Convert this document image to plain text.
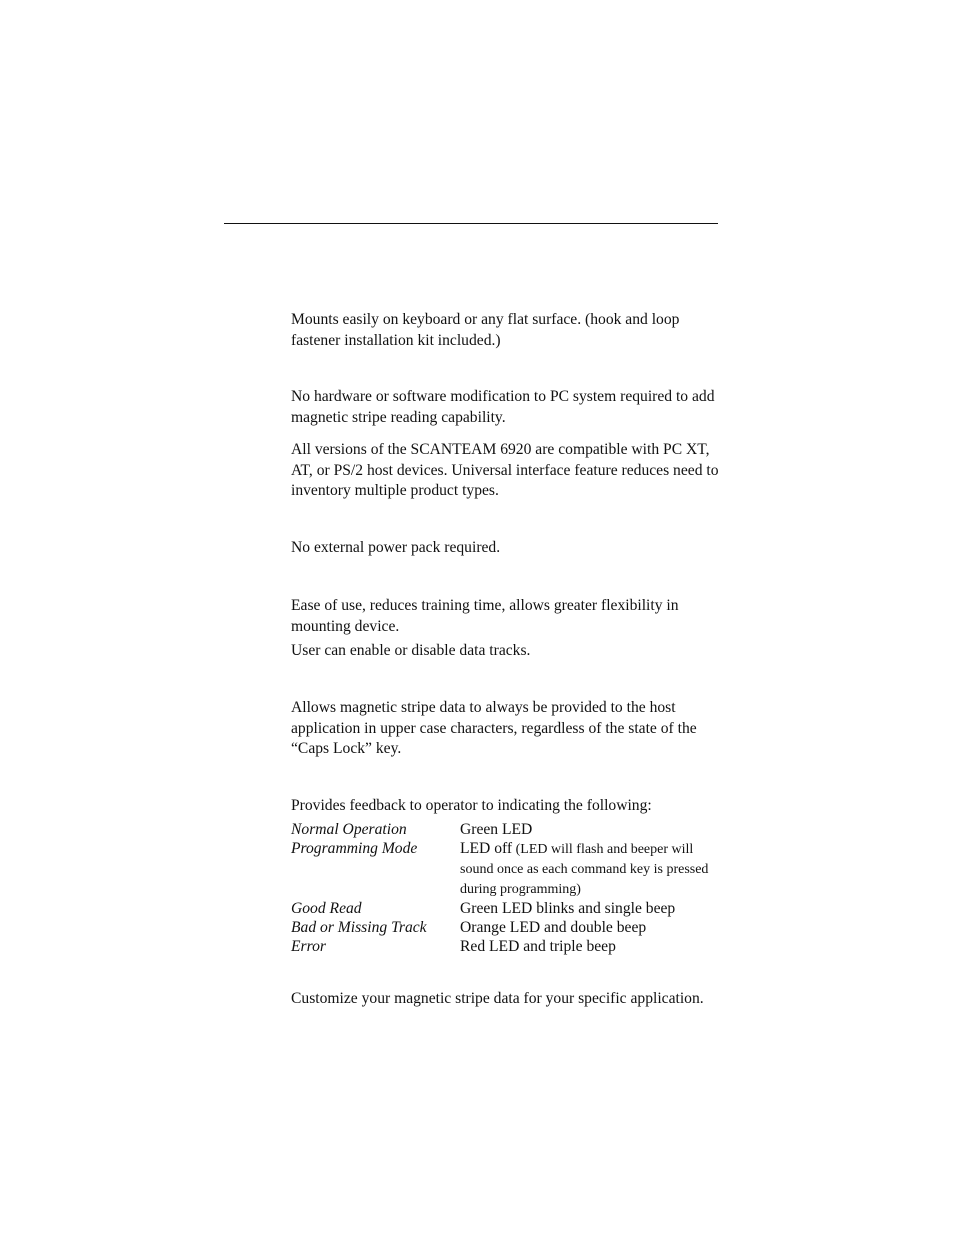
Mounts easily on keyboard or any flat surface. (hook and loop fastener installation kit included.)

No hardware or software modification to PC system required to add magnetic stripe reading capability.

All versions of the SCANTEAM 6920 are compatible with PC XT, AT, or PS/2 host devices. Universal interface feature reduces need to inventory multiple product types.

No external power pack required.

Ease of use, reduces training time, allows greater flexibility in mounting device.

User can enable or disable data tracks.

Allows magnetic stripe data to always be provided to the host application in upper case characters, regardless of the state of the “Caps Lock” key.

Provides feedback to operator to indicating the following:

Normal Operation	Green LED
Programming Mode	LED off (LED will flash and beeper will sound once as each command key is pressed during programming)
Good Read	Green LED blinks and single beep
Bad or Missing Track	Orange LED and double beep
Error	Red LED and triple beep

Customize your magnetic stripe data for your specific application.
